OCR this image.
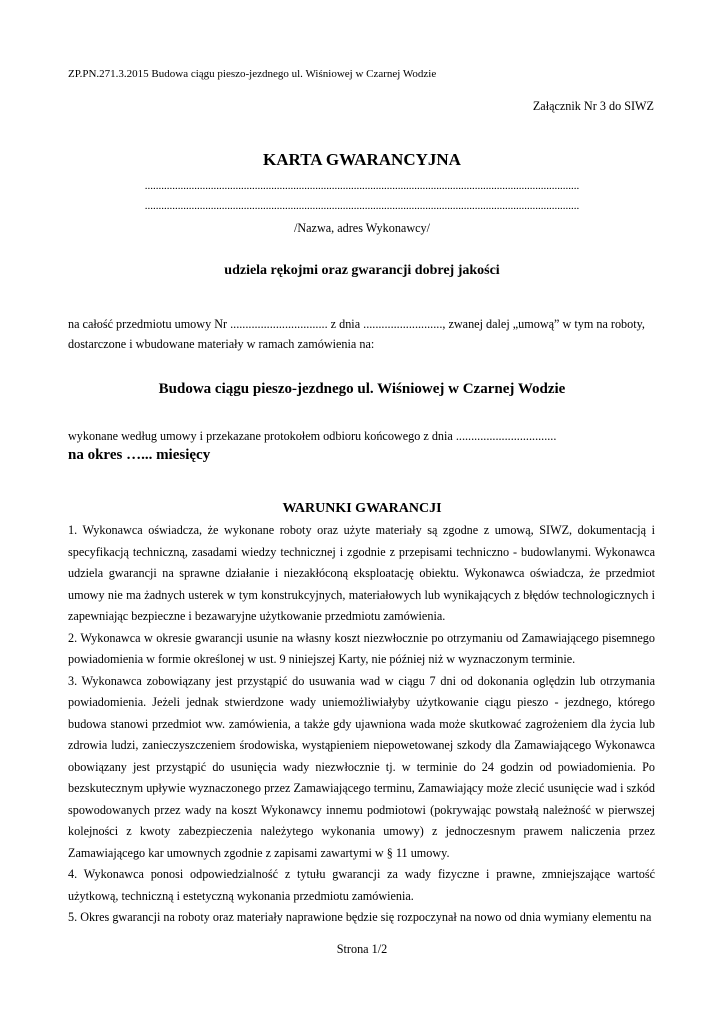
ZP.PN.271.3.2015 Budowa ciągu pieszo-jezdnego ul. Wiśniowej w Czarnej Wodzie
Załącznik Nr 3 do SIWZ
KARTA GWARANCYJNA
..............................................................................................................................................................
..............................................................................................................................................................
/Nazwa, adres Wykonawcy/
udziela rękojmi oraz gwarancji dobrej jakości
na całość przedmiotu umowy Nr ................................ z dnia .........................., zwanej dalej „umową” w tym na roboty,
dostarczone i wbudowane materiały w ramach zamówienia na:
Budowa ciągu pieszo-jezdnego ul. Wiśniowej w Czarnej Wodzie
wykonane według umowy i przekazane protokołem odbioru końcowego z dnia .................................
na okres …... miesięcy
WARUNKI GWARANCJI

1. Wykonawca oświadcza, że wykonane roboty oraz użyte materiały są zgodne z umową, SIWZ, dokumentacją i specyfikacją techniczną, zasadami wiedzy technicznej i zgodnie z przepisami techniczno - budowlanymi. Wykonawca udziela gwarancji na sprawne działanie i niezakłóconą eksploatację obiektu. Wykonawca oświadcza, że przedmiot umowy nie ma żadnych usterek w tym konstrukcyjnych, materiałowych lub wynikających z błędów technologicznych i zapewniając bezpieczne i bezawaryjne użytkowanie przedmiotu zamówienia.

2. Wykonawca w okresie gwarancji usunie na własny koszt niezwłocznie po otrzymaniu od Zamawiającego pisemnego powiadomienia w formie określonej w ust. 9 niniejszej Karty, nie później niż w wyznaczonym terminie.

3. Wykonawca zobowiązany jest przystąpić do usuwania wad w ciągu 7 dni od dokonania oględzin lub otrzymania powiadomienia. Jeżeli jednak stwierdzone wady uniemożliwiałyby użytkowanie ciągu pieszo - jezdnego, którego budowa stanowi przedmiot ww. zamówienia, a także gdy ujawniona wada może skutkować zagrożeniem dla życia lub zdrowia ludzi, zanieczyszczeniem środowiska, wystąpieniem niepowetowanej szkody dla Zamawiającego Wykonawca obowiązany jest przystąpić do usunięcia wady niezwłocznie tj. w terminie do 24 godzin od powiadomienia. Po bezskutecznym upływie wyznaczonego przez Zamawiającego terminu, Zamawiający może zlecić usunięcie wad i szkód spowodowanych przez wady na koszt Wykonawcy innemu podmiotowi (pokrywając powstałą należność w pierwszej kolejności z kwoty zabezpieczenia należytego wykonania umowy) z jednoczesnym prawem naliczenia przez Zamawiającego kar umownych zgodnie z zapisami zawartymi w § 11 umowy.

4. Wykonawca ponosi odpowiedzialność z tytułu gwarancji za wady fizyczne i prawne, zmniejszające wartość użytkową, techniczną i estetyczną wykonania przedmiotu zamówienia.

5. Okres gwarancji na roboty oraz materiały naprawione będzie się rozpoczynał na nowo od dnia wymiany elementu na

Strona 1/2
